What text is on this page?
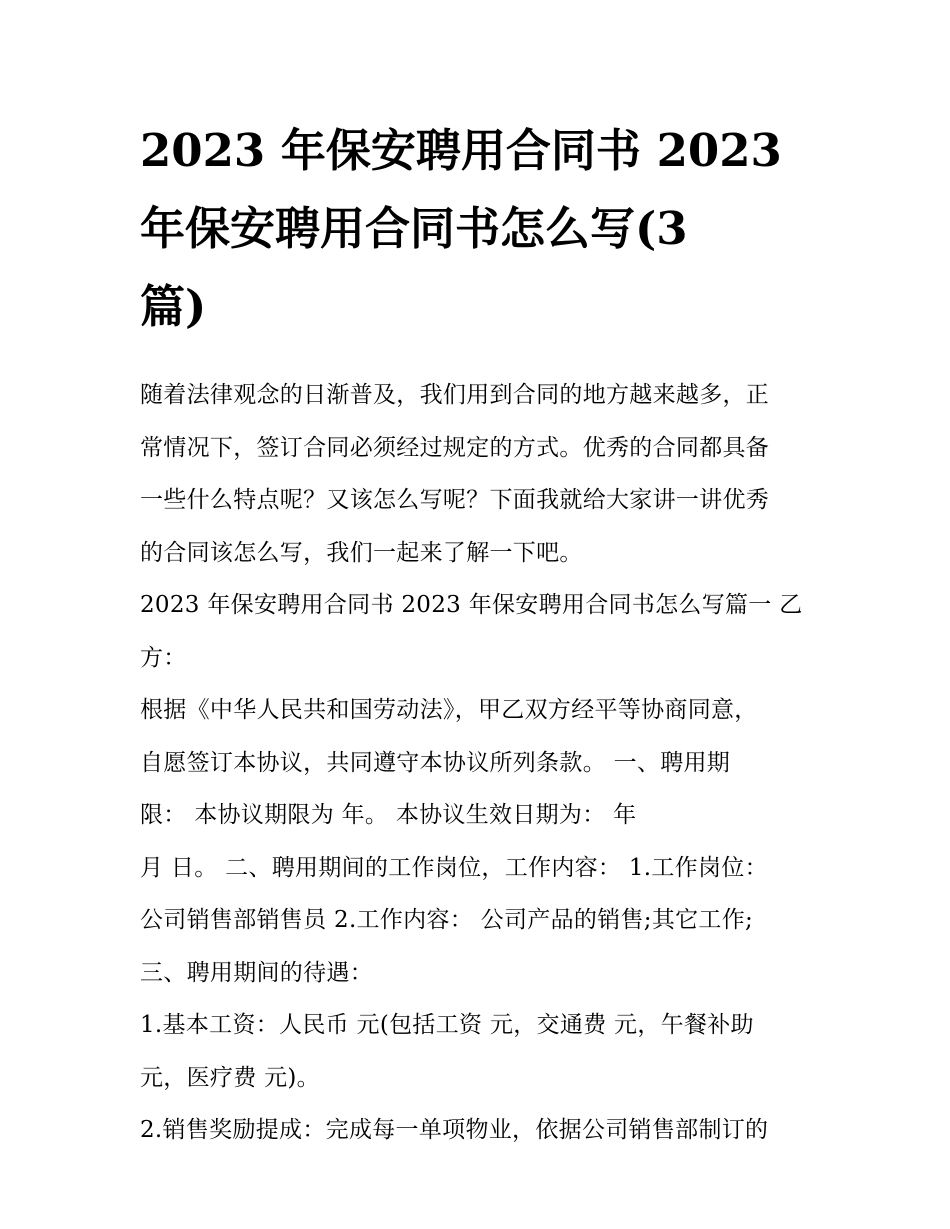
2023 年保安聘用合同书 2023

年保安聘用合同书怎么写(3

篇)

随着法律观念的日渐普及，我们用到合同的地方越来越多，正

常情况下，签订合同必须经过规定的方式。优秀的合同都具备

一些什么特点呢？又该怎么写呢？下面我就给大家讲一讲优秀

的合同该怎么写，我们一起来了解一下吧。

2023 年保安聘用合同书 2023 年保安聘用合同书怎么写篇一 乙

方：

根据《中华人民共和国劳动法》，甲乙双方经平等协商同意，

自愿签订本协议，共同遵守本协议所列条款。 一、聘用期

限： 本协议期限为 年。 本协议生效日期为： 年

月 日。 二、聘用期间的工作岗位，工作内容： 1.工作岗位：

公司销售部销售员 2.工作内容： 公司产品的销售;其它工作;

三、聘用期间的待遇：

1.基本工资：人民币 元(包括工资 元，交通费 元，午餐补助

元，医疗费 元)。

2.销售奖励提成：完成每一单项物业，依据公司销售部制订的
